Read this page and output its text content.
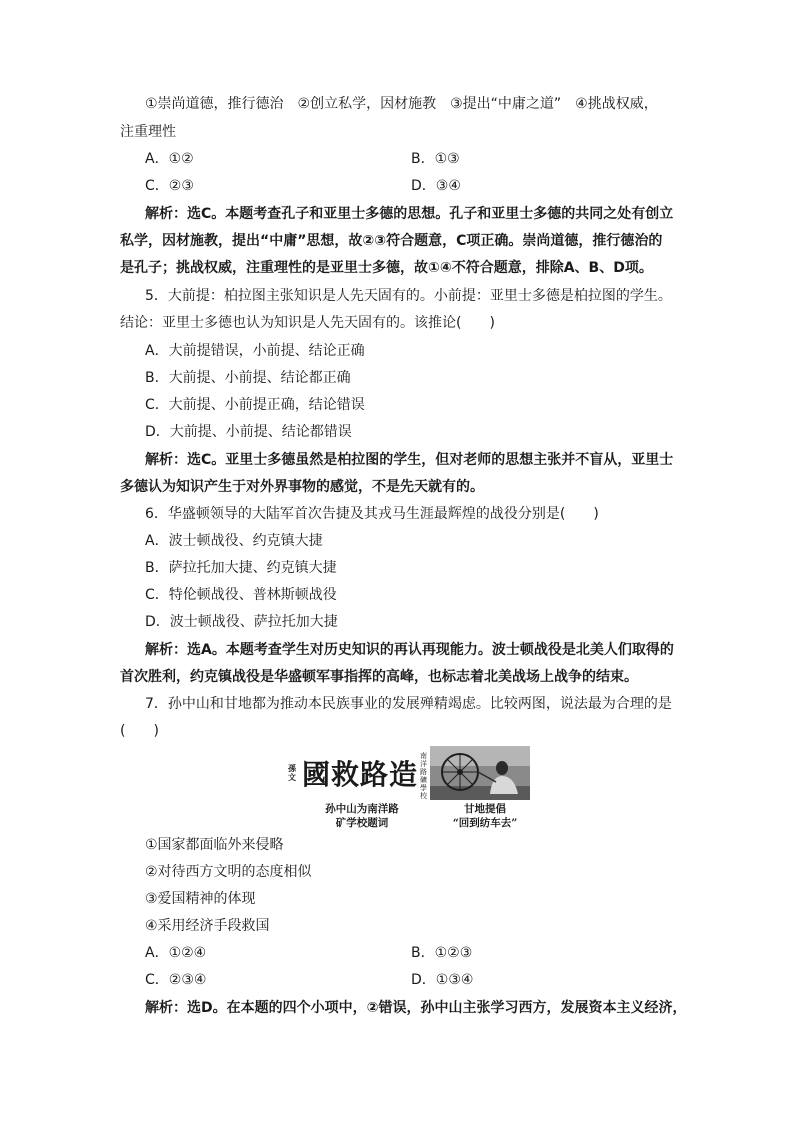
①崇尚道德，推行德治　②创立私学，因材施教　③提出“中庸之道”　④挑战权威，
注重理性
A．①②	B．①③
C．②③	D．③④
解析：选C。本题考查孔子和亚里士多德的思想。孔子和亚里士多德的共同之处有创立
私学，因材施教，提出“中庸”思想，故②③符合题意，C项正确。崇尚道德，推行德治的
是孔子；挑战权威，注重理性的是亚里士多德，故①④不符合题意，排除A、B、D项。
5．大前提：柏拉图主张知识是人先天固有的。小前提：亚里士多德是柏拉图的学生。
结论：亚里士多德也认为知识是人先天固有的。该推论(　　)
A．大前提错误，小前提、结论正确
B．大前提、小前提、结论都正确
C．大前提、小前提正确，结论错误
D．大前提、小前提、结论都错误
解析：选C。亚里士多德虽然是柏拉图的学生，但对老师的思想主张并不盲从，亚里士
多德认为知识产生于对外界事物的感觉，不是先天就有的。
6．华盛顿领导的大陆军首次告捷及其戎马生涯最辉煌的战役分别是(　　)
A．波士顿战役、约克镇大捷
B．萨拉托加大捷、约克镇大捷
C．特伦顿战役、普林斯顿战役
D．波士顿战役、萨拉托加大捷
解析：选A。本题考查学生对历史知识的再认再现能力。波士顿战役是北美人们取得的
首次胜利，约克镇战役是华盛顿军事指挥的高峰，也标志着北美战场上战争的结束。
7．孙中山和甘地都为推动本民族事业的发展殚精竭虑。比较两图，说法最为合理的是
(　　)
孫文 國救路造
南洋路礦學校
孙中山为南洋路
矿学校题词
甘地提倡
“回到纺车去”
①国家都面临外来侵略
②对待西方文明的态度相似
③爱国精神的体现
④采用经济手段救国
A．①②④	B．①②③
C．②③④	D．①③④
解析：选D。在本题的四个小项中，②错误，孙中山主张学习西方，发展资本主义经济，
